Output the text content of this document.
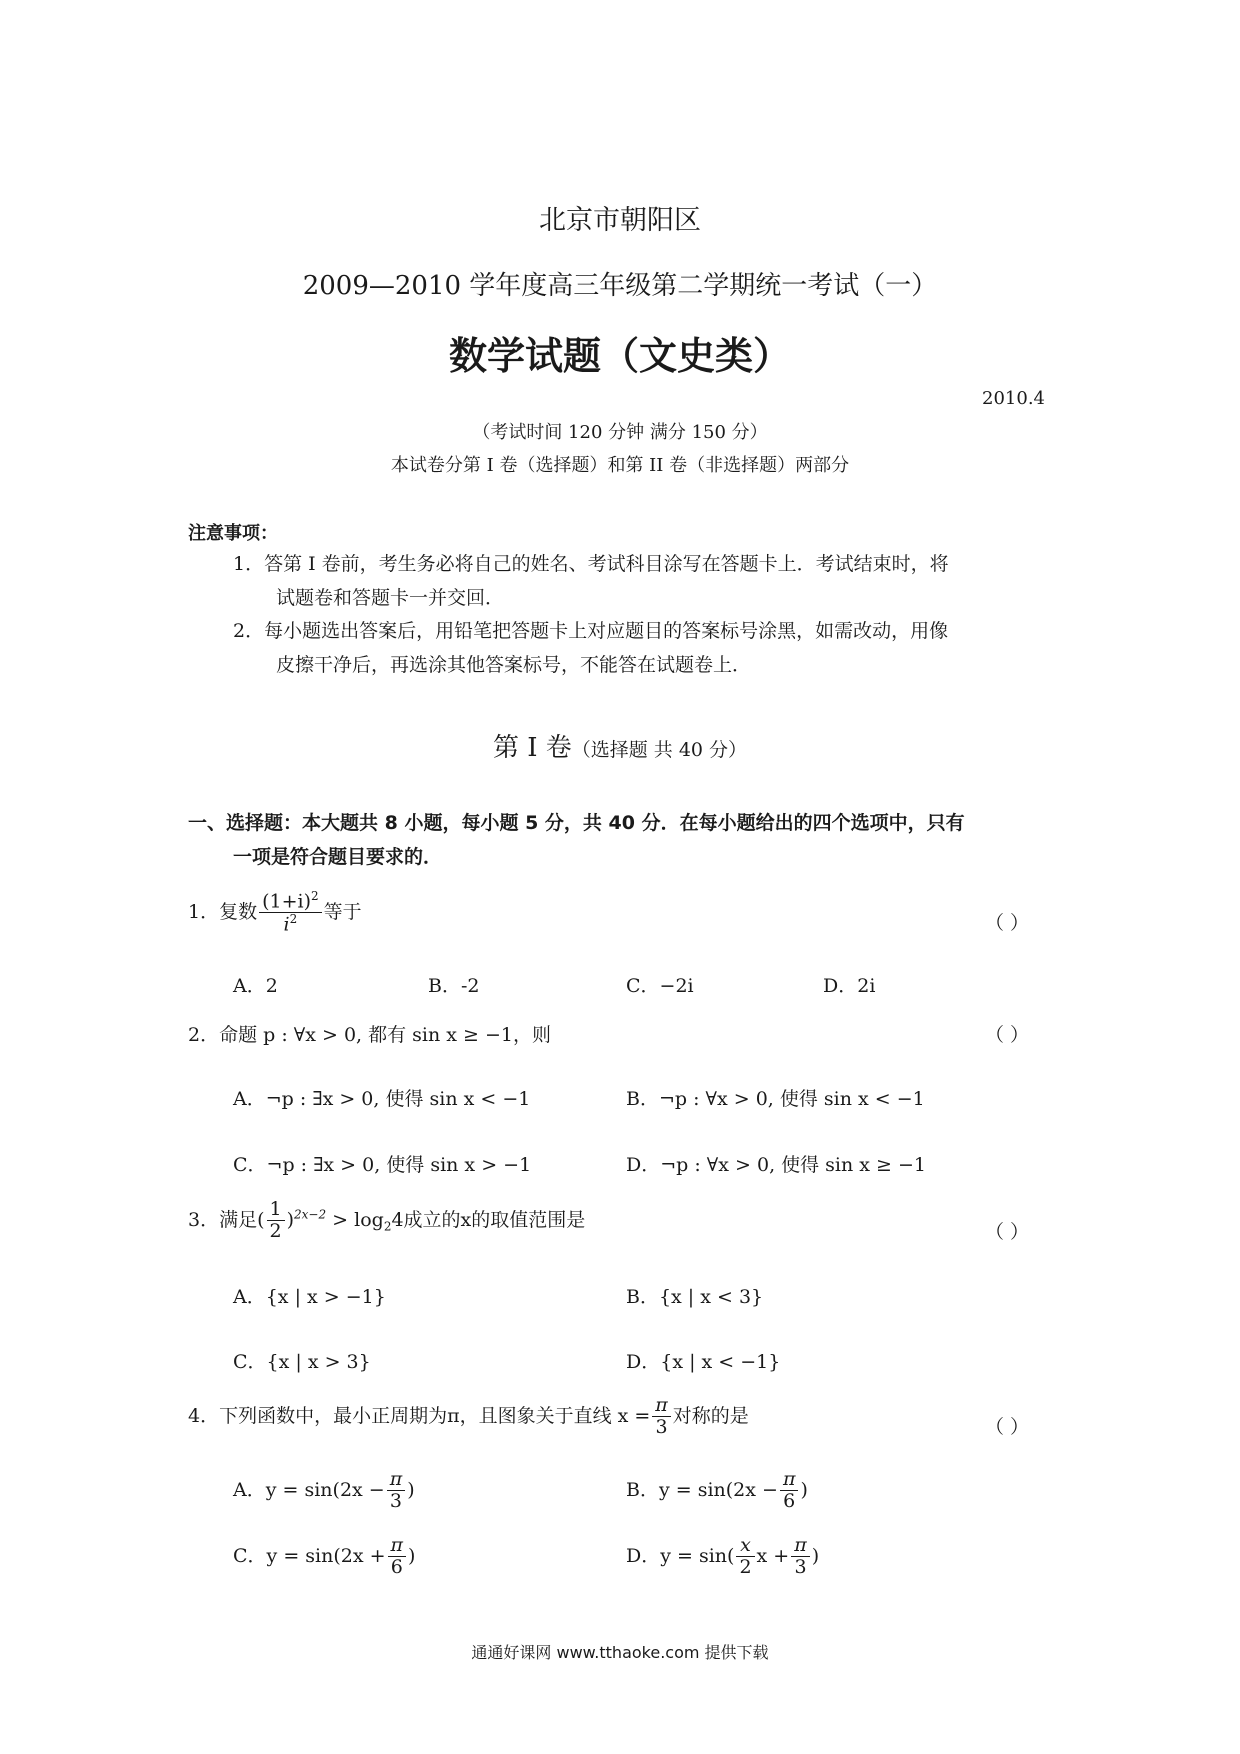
北京市朝阳区
2009—2010 学年度高三年级第二学期统一考试（一）
数学试题（文史类）
2010.4
（考试时间 120 分钟 满分 150 分）
本试卷分第 I 卷（选择题）和第 II 卷（非选择题）两部分
注意事项：
1．答第 I 卷前，考生务必将自己的姓名、考试科目涂写在答题卡上．考试结束时，将
试题卷和答题卡一并交回．
2．每小题选出答案后，用铅笔把答题卡上对应题目的答案标号涂黑，如需改动，用像
皮擦干净后，再选涂其他答案标号，不能答在试题卷上．
第 I 卷（选择题 共 40 分）
一、选择题：本大题共 8 小题，每小题 5 分，共 40 分．在每小题给出的四个选项中，只有
一项是符合题目要求的．
1．复数 $\frac{(1+i)^2}{i^2}$ 等于
（ ）
A．2	B．-2	C．−2i	D．2i
2．命题 p : ∀x > 0, 都有 sin x ≥ −1，则	（ ）
A．¬p : ∃x > 0, 使得 sin x < −1	B．¬p : ∀x > 0, 使得 sin x < −1
C．¬p : ∃x > 0, 使得 sin x > −1	D．¬p : ∀x > 0, 使得 sin x ≥ −1
3．满足( $\frac{1}{2} )^{2x-2} > \log_24$成立的x的取值范围是
（ ）
A．{x | x > −1}	B．{x | x < 3}
C．{x | x > 3}	D．{x | x < −1}
4．下列函数中，最小正周期为π，且图象关于直线 $x = \frac{\pi}{3}$ 对称的是
（ ）
A．$y = \sin(2x - \frac{\pi}{3}$ )	B．$y = \sin(2x - \frac{\pi}{6}$ )
C．$y = \sin(2x + \frac{\pi}{6}$ )	D．$y = \sin( \frac{x}{2}$ $x + \frac{\pi}{3}$ )
通通好课网 www.tthaoke.com 提供下载
